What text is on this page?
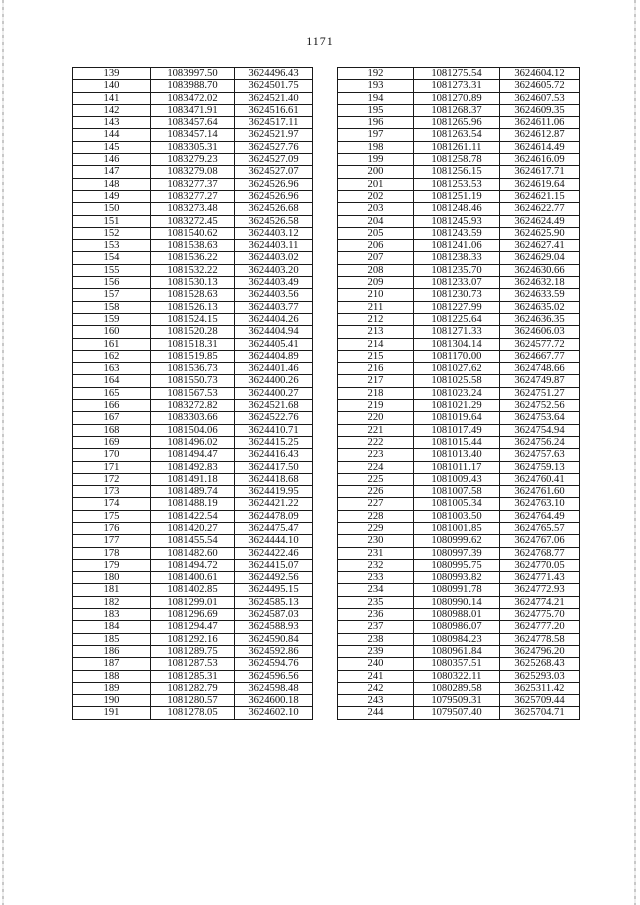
1171
139	1083997.50	3624496.43
140	1083988.70	3624501.75
141	1083472.02	3624521.40
142	1083471.91	3624516.61
143	1083457.64	3624517.11
144	1083457.14	3624521.97
145	1083305.31	3624527.76
146	1083279.23	3624527.09
147	1083279.08	3624527.07
148	1083277.37	3624526.96
149	1083277.27	3624526.96
150	1083273.48	3624526.68
151	1083272.45	3624526.58
152	1081540.62	3624403.12
153	1081538.63	3624403.11
154	1081536.22	3624403.02
155	1081532.22	3624403.20
156	1081530.13	3624403.49
157	1081528.63	3624403.56
158	1081526.13	3624403.77
159	1081524.15	3624404.26
160	1081520.28	3624404.94
161	1081518.31	3624405.41
162	1081519.85	3624404.89
163	1081536.73	3624401.46
164	1081550.73	3624400.26
165	1081567.53	3624400.27
166	1083272.82	3624521.68
167	1083303.66	3624522.76
168	1081504.06	3624410.71
169	1081496.02	3624415.25
170	1081494.47	3624416.43
171	1081492.83	3624417.50
172	1081491.18	3624418.68
173	1081489.74	3624419.95
174	1081488.19	3624421.22
175	1081422.54	3624478.09
176	1081420.27	3624475.47
177	1081455.54	3624444.10
178	1081482.60	3624422.46
179	1081494.72	3624415.07
180	1081400.61	3624492.56
181	1081402.85	3624495.15
182	1081299.01	3624585.13
183	1081296.69	3624587.03
184	1081294.47	3624588.93
185	1081292.16	3624590.84
186	1081289.75	3624592.86
187	1081287.53	3624594.76
188	1081285.31	3624596.56
189	1081282.79	3624598.48
190	1081280.57	3624600.18
191	1081278.05	3624602.10
192	1081275.54	3624604.12
193	1081273.31	3624605.72
194	1081270.89	3624607.53
195	1081268.37	3624609.35
196	1081265.96	3624611.06
197	1081263.54	3624612.87
198	1081261.11	3624614.49
199	1081258.78	3624616.09
200	1081256.15	3624617.71
201	1081253.53	3624619.64
202	1081251.19	3624621.15
203	1081248.46	3624622.77
204	1081245.93	3624624.49
205	1081243.59	3624625.90
206	1081241.06	3624627.41
207	1081238.33	3624629.04
208	1081235.70	3624630.66
209	1081233.07	3624632.18
210	1081230.73	3624633.59
211	1081227.99	3624635.02
212	1081225.64	3624636.35
213	1081271.33	3624606.03
214	1081304.14	3624577.72
215	1081170.00	3624667.77
216	1081027.62	3624748.66
217	1081025.58	3624749.87
218	1081023.24	3624751.27
219	1081021.29	3624752.56
220	1081019.64	3624753.64
221	1081017.49	3624754.94
222	1081015.44	3624756.24
223	1081013.40	3624757.63
224	1081011.17	3624759.13
225	1081009.43	3624760.41
226	1081007.58	3624761.60
227	1081005.34	3624763.10
228	1081003.50	3624764.49
229	1081001.85	3624765.57
230	1080999.62	3624767.06
231	1080997.39	3624768.77
232	1080995.75	3624770.05
233	1080993.82	3624771.43
234	1080991.78	3624772.93
235	1080990.14	3624774.21
236	1080988.01	3624775.70
237	1080986.07	3624777.20
238	1080984.23	3624778.58
239	1080961.84	3624796.20
240	1080357.51	3625268.43
241	1080322.11	3625293.03
242	1080289.58	3625311.42
243	1079509.31	3625709.44
244	1079507.40	3625704.71
